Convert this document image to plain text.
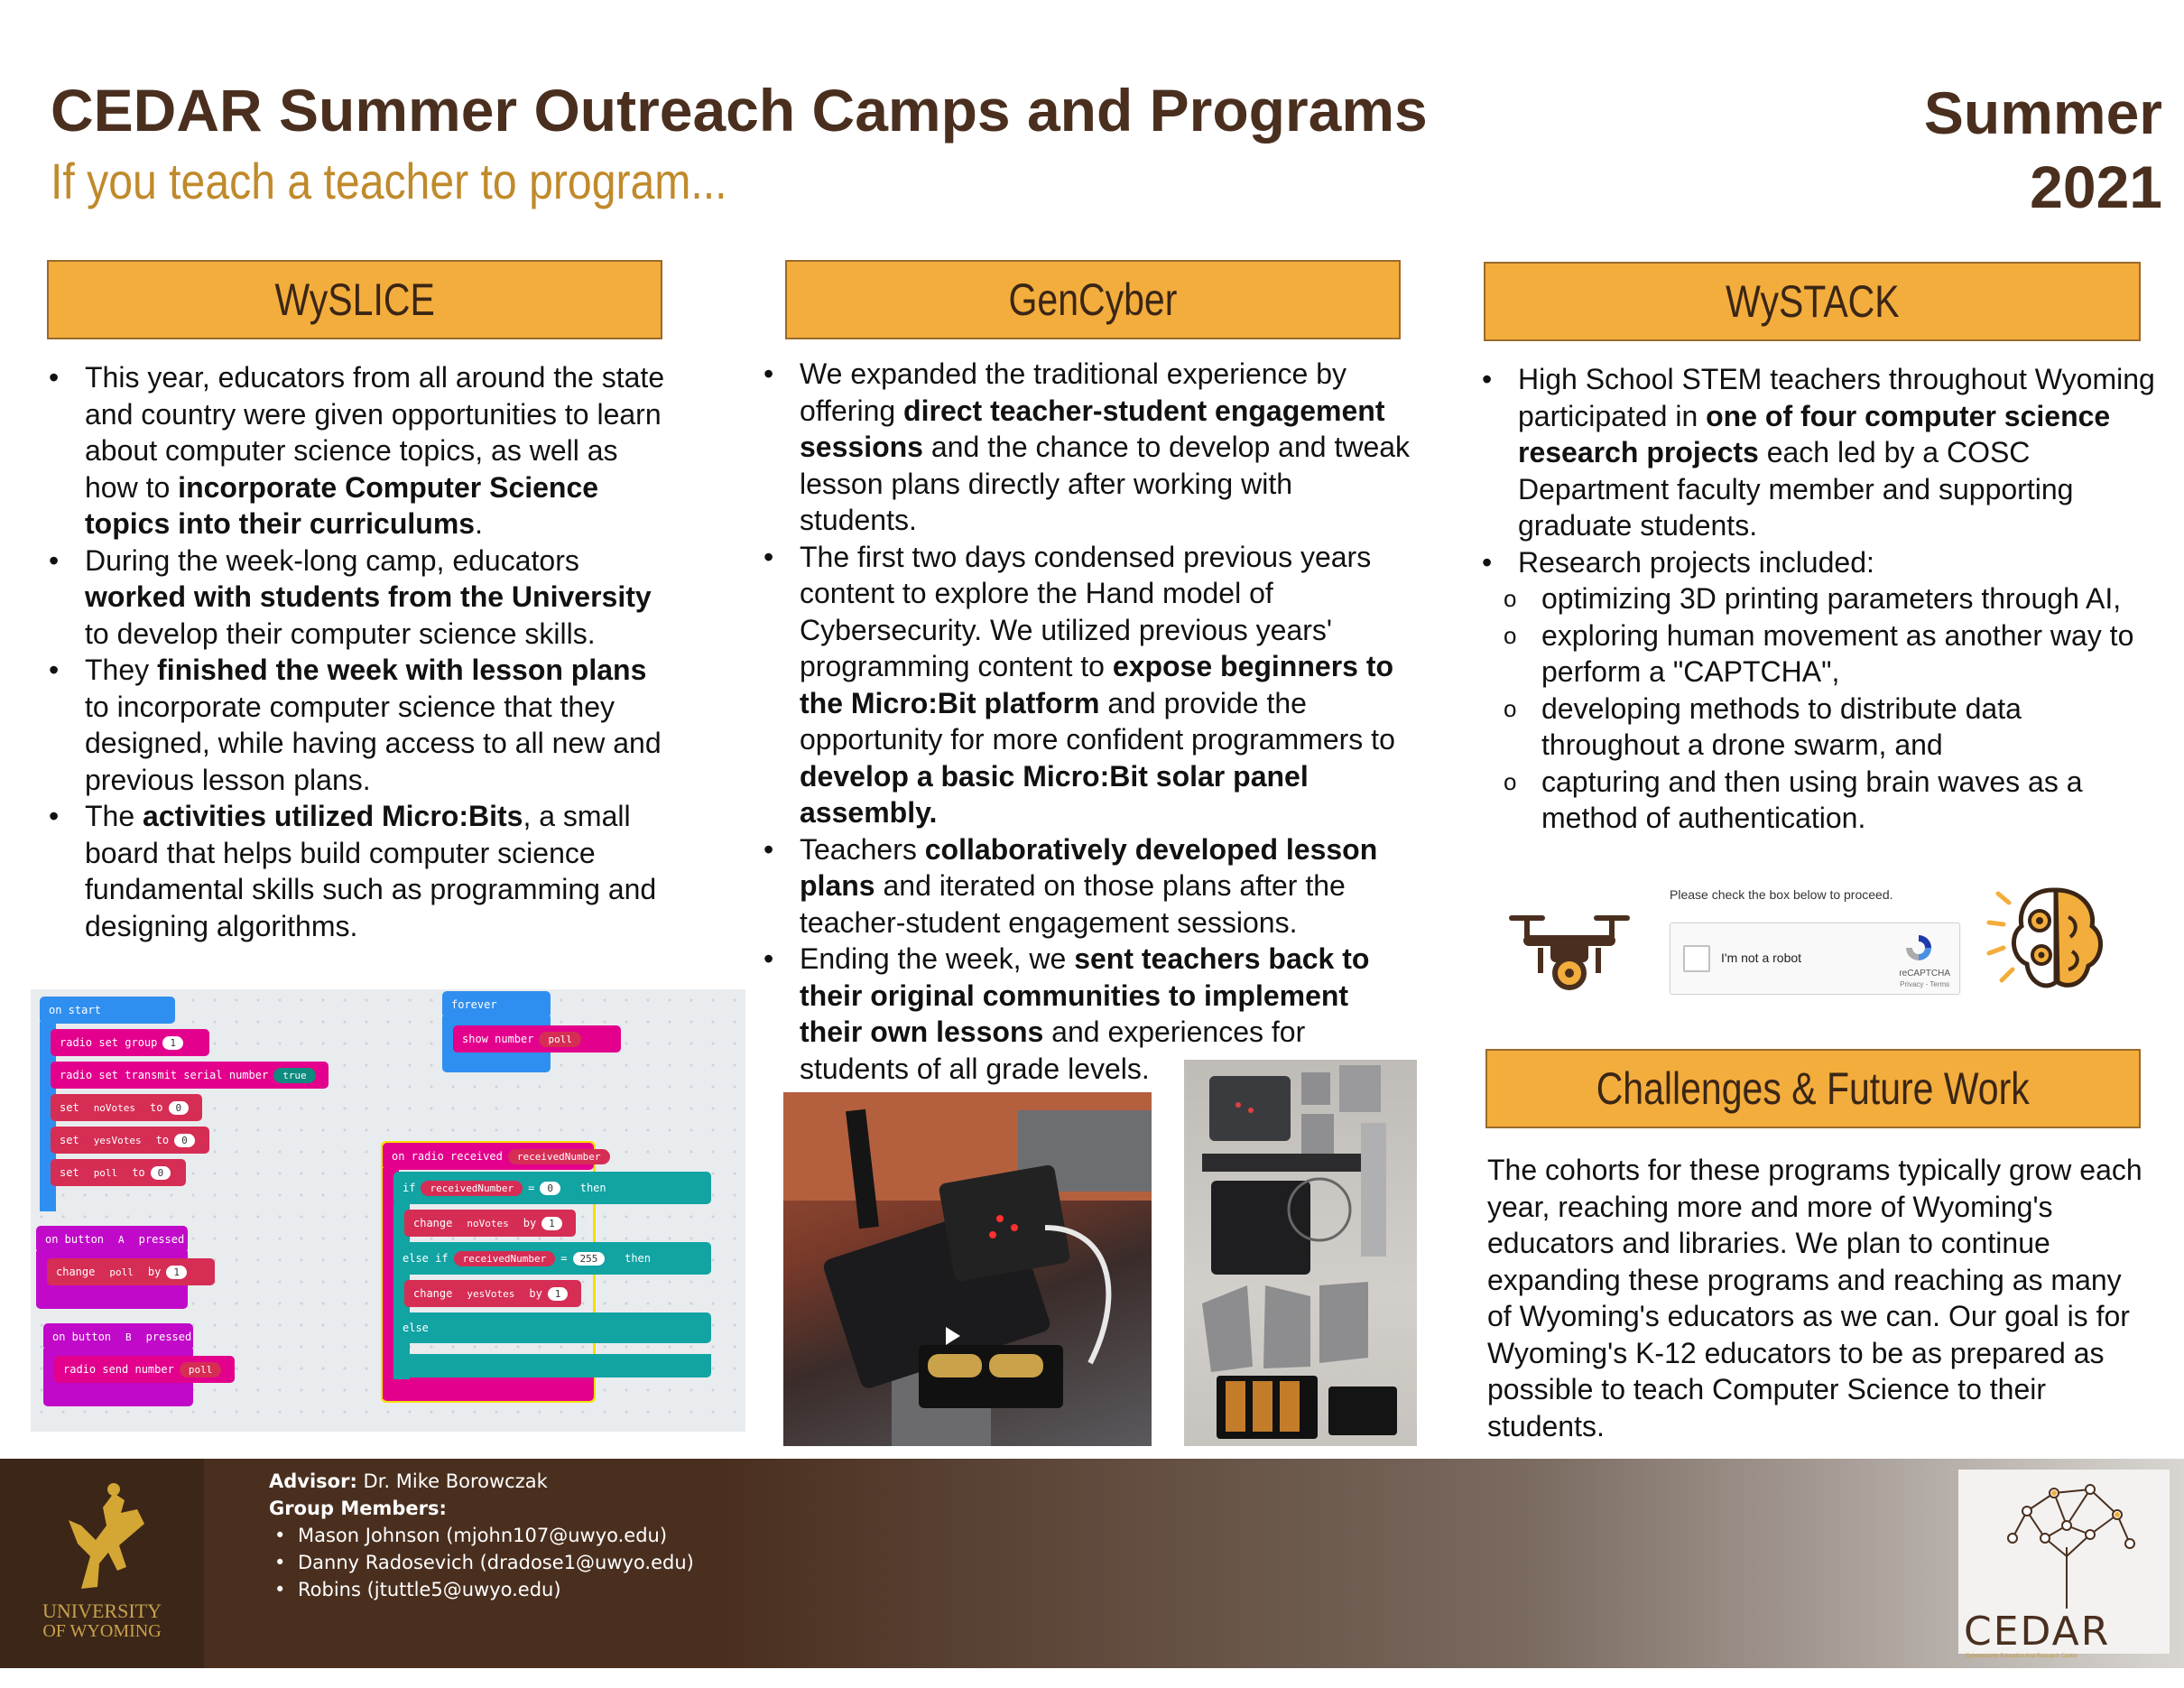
CEDAR Summer Outreach Camps and Programs
If you teach a teacher to program...
Summer
2021
WySLICE	GenCyber	WySTACK
Challenges & Future Work
• This year, educators from all around the state and country were given opportunities to learn about computer science topics, as well as how to incorporate Computer Science topics into their curriculums.
• During the week-long camp, educators worked with students from the University to develop their computer science skills.
• They finished the week with lesson plans to incorporate computer science that they designed, while having access to all new and previous lesson plans.
• The activities utilized Micro:Bits, a small board that helps build computer science fundamental skills such as programming and designing algorithms.
on start
radio set group	1
radio set transmit serial number	true
set	noVotes	to	0
set	yesVotes	to	0
set	poll	to	0
forever
show number	poll
on radio received	receivedNumber
if	receivedNumber	=	0
	then
change	noVotes	by	1
else if	receivedNumber	=	255
	then
change	yesVotes	by	1
else
on button	A	pressed
change	poll	by	1
on button	B	pressed
radio send number	poll
• We expanded the traditional experience by offering direct teacher-student engagement sessions and the chance to develop and tweak lesson plans directly after working with students.
• The first two days condensed previous years content to explore the Hand model of Cybersecurity. We utilized previous years' programming content to expose beginners to the Micro:Bit platform and provide the opportunity for more confident programmers to develop a basic Micro:Bit solar panel assembly.
• Teachers collaboratively developed lesson plans and iterated on those plans after the teacher-student engagement sessions.
• Ending the week, we sent teachers back to their original communities to implement their own lessons and experiences for students of all grade levels.
• High School STEM teachers throughout Wyoming participated in one of four computer science research projects each led by a COSC Department faculty member and supporting graduate students.
• Research projects included:
o optimizing 3D printing parameters through AI,
o exploring human movement as another way to perform a "CAPTCHA",
o developing methods to distribute data throughout a drone swarm, and
o capturing and then using brain waves as a method of authentication.
Please check the box below to proceed.
I'm not a robot
reCAPTCHA
Privacy - Terms
The cohorts for these programs typically grow each year, reaching more and more of Wyoming's educators and libraries. We plan to continue expanding these programs and reaching as many of Wyoming's educators as we can. Our goal is for Wyoming's K-12 educators to be as prepared as possible to teach Computer Science to their students.
UNIVERSITY
OF WYOMING
Advisor: Dr. Mike Borowczak
Group Members:
• Mason Johnson (mjohn107@uwyo.edu)
• Danny Radosevich (dradose1@uwyo.edu)
• Robins (jtuttle5@uwyo.edu)
CEDAR
Cybersecurity Education And Research Center
